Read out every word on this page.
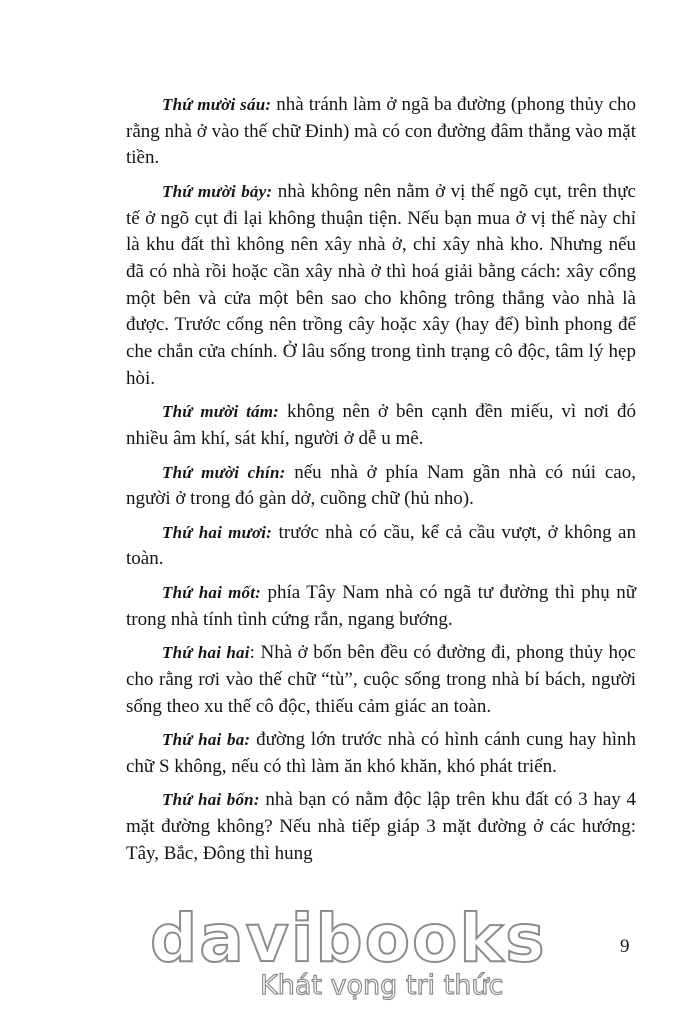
Thứ mười sáu: nhà tránh làm ở ngã ba đường (phong thủy cho rằng nhà ở vào thế chữ Đinh) mà có con đường đâm thẳng vào mặt tiền.

Thứ mười bảy: nhà không nên nằm ở vị thế ngõ cụt, trên thực tế ở ngõ cụt đi lại không thuận tiện. Nếu bạn mua ở vị thế này chỉ là khu đất thì không nên xây nhà ở, chỉ xây nhà kho. Nhưng nếu đã có nhà rồi hoặc cần xây nhà ở thì hoá giải bằng cách: xây cổng một bên và cửa một bên sao cho không trông thẳng vào nhà là được. Trước cổng nên trồng cây hoặc xây (hay để) bình phong để che chắn cửa chính. Ở lâu sống trong tình trạng cô độc, tâm lý hẹp hòi.

Thứ mười tám: không nên ở bên cạnh đền miếu, vì nơi đó nhiều âm khí, sát khí, người ở dễ u mê.

Thứ mười chín: nếu nhà ở phía Nam gần nhà có núi cao, người ở trong đó gàn dở, cuồng chữ (hủ nho).

Thứ hai mươi: trước nhà có cầu, kể cả cầu vượt, ở không an toàn.

Thứ hai mốt: phía Tây Nam nhà có ngã tư đường thì phụ nữ trong nhà tính tình cứng rắn, ngang bướng.

Thứ hai hai: Nhà ở bốn bên đều có đường đi, phong thủy học cho rằng rơi vào thế chữ “tù”, cuộc sống trong nhà bí bách, người sống theo xu thế cô độc, thiếu cảm giác an toàn.

Thứ hai ba: đường lớn trước nhà có hình cánh cung hay hình chữ S không, nếu có thì làm ăn khó khăn, khó phát triển.

Thứ hai bốn: nhà bạn có nằm độc lập trên khu đất có 3 hay 4 mặt đường không? Nếu nhà tiếp giáp 3 mặt đường ở các hướng: Tây, Bắc, Đông thì hung

9
davibooks
Khát vọng tri thức
